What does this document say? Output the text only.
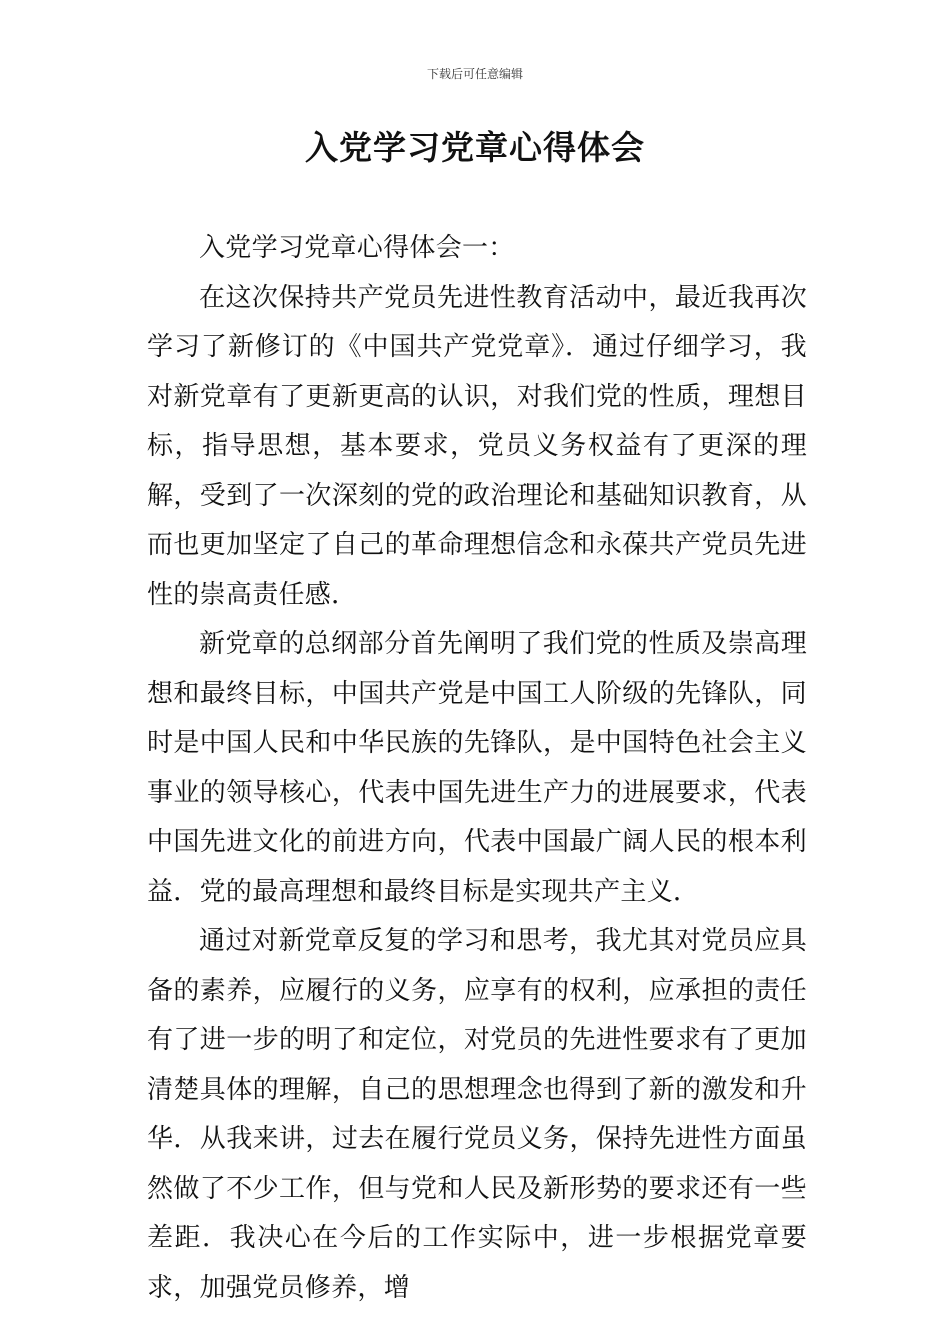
下载后可任意编辑
入党学习党章心得体会

入党学习党章心得体会一：

在这次保持共产党员先进性教育活动中，最近我再次学习了新修订的《中国共产党党章》．通过仔细学习，我对新党章有了更新更高的认识，对我们党的性质，理想目标，指导思想，基本要求，党员义务权益有了更深的理解，受到了一次深刻的党的政治理论和基础知识教育，从而也更加坚定了自己的革命理想信念和永葆共产党员先进性的崇高责任感．

新党章的总纲部分首先阐明了我们党的性质及崇高理想和最终目标，中国共产党是中国工人阶级的先锋队，同时是中国人民和中华民族的先锋队，是中国特色社会主义事业的领导核心，代表中国先进生产力的进展要求，代表中国先进文化的前进方向，代表中国最广阔人民的根本利益．党的最高理想和最终目标是实现共产主义．

通过对新党章反复的学习和思考，我尤其对党员应具备的素养，应履行的义务，应享有的权利，应承担的责任有了进一步的明了和定位，对党员的先进性要求有了更加清楚具体的理解，自己的思想理念也得到了新的激发和升华．从我来讲，过去在履行党员义务，保持先进性方面虽然做了不少工作，但与党和人民及新形势的要求还有一些差距．我决心在今后的工作实际中，进一步根据党章要求，加强党员修养，增
